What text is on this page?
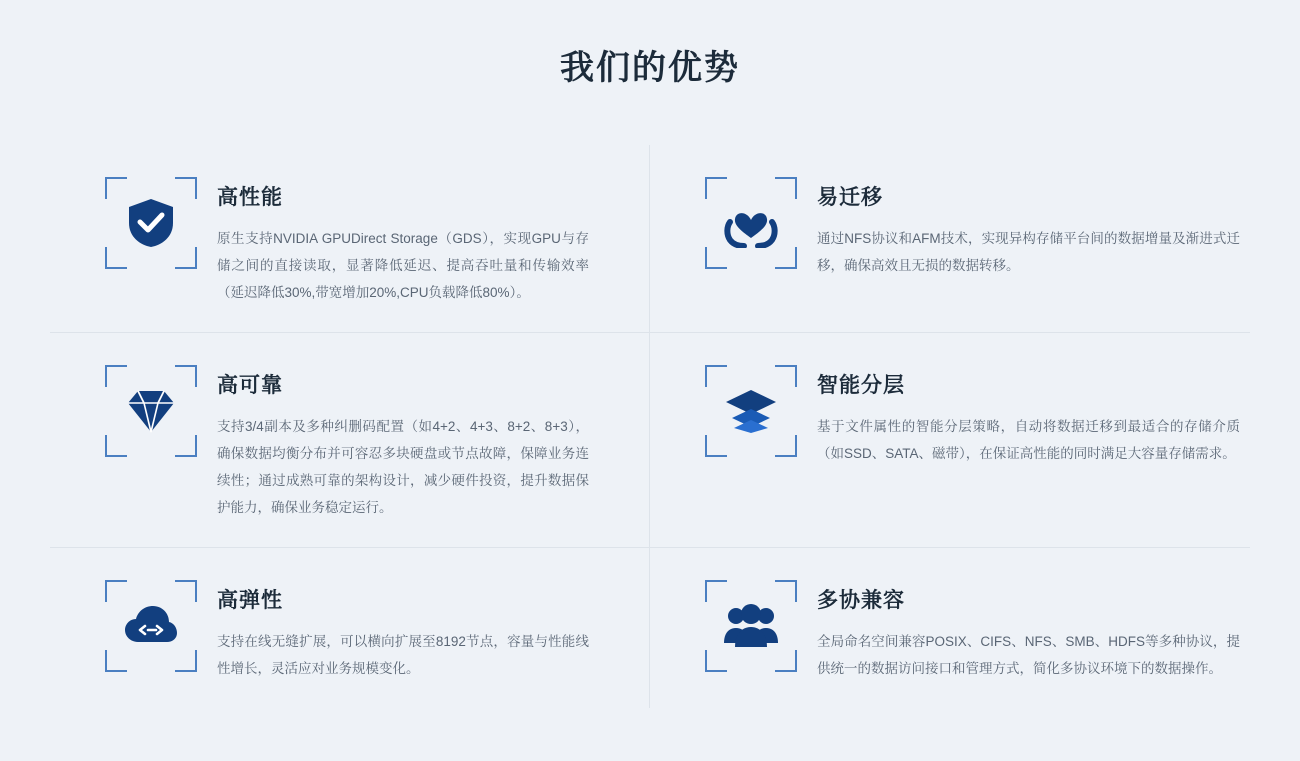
我们的优势
高性能

原生支持NVIDIA GPUDirect Storage（GDS），实现GPU与存储之间的直接读取，显著降低延迟、提高吞吐量和传输效率（延迟降低30%,带宽增加20%,CPU负载降低80%）。

易迁移

通过NFS协议和AFM技术，实现异构存储平台间的数据增量及渐进式迁移，确保高效且无损的数据转移。

高可靠

支持3/4副本及多种纠删码配置（如4+2、4+3、8+2、8+3），确保数据均衡分布并可容忍多块硬盘或节点故障，保障业务连续性；通过成熟可靠的架构设计，减少硬件投资，提升数据保护能力，确保业务稳定运行。

智能分层

基于文件属性的智能分层策略，自动将数据迁移到最适合的存储介质（如SSD、SATA、磁带），在保证高性能的同时满足大容量存储需求。

高弹性

支持在线无缝扩展，可以横向扩展至8192节点，容量与性能线性增长，灵活应对业务规模变化。

多协兼容

全局命名空间兼容POSIX、CIFS、NFS、SMB、HDFS等多种协议，提供统一的数据访问接口和管理方式，简化多协议环境下的数据操作。
